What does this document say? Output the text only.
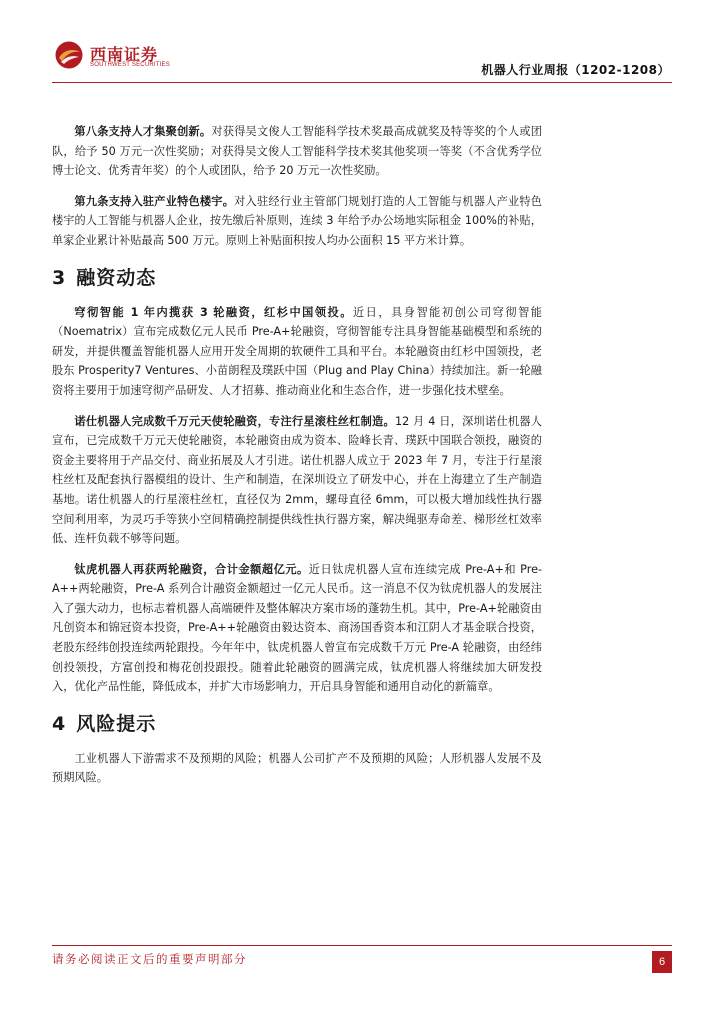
西南证券
SOUTHWEST SECURITIES	机器人行业周报（1202-1208）

第八条支持人才集聚创新。对获得吴文俊人工智能科学技术奖最高成就奖及特等奖的个人或团队，给予 50 万元一次性奖励；对获得吴文俊人工智能科学技术奖其他奖项一等奖（不含优秀学位博士论文、优秀青年奖）的个人或团队，给予 20 万元一次性奖励。

第九条支持入驻产业特色楼宇。对入驻经行业主管部门规划打造的人工智能与机器人产业特色楼宇的人工智能与机器人企业，按先缴后补原则，连续 3 年给予办公场地实际租金 100%的补贴，单家企业累计补贴最高 500 万元。原则上补贴面积按人均办公面积 15 平方米计算。

3 融资动态

穹彻智能 1 年内揽获 3 轮融资，红杉中国领投。近日，具身智能初创公司穹彻智能（Noematrix）宣布完成数亿元人民币 Pre-A+轮融资，穹彻智能专注具身智能基础模型和系统的研发，并提供覆盖智能机器人应用开发全周期的软硬件工具和平台。本轮融资由红杉中国领投，老股东 Prosperity7 Ventures、小苗朗程及璞跃中国（Plug and Play China）持续加注。新一轮融资将主要用于加速穹彻产品研发、人才招募、推动商业化和生态合作，进一步强化技术壁垒。

诺仕机器人完成数千万元天使轮融资，专注行星滚柱丝杠制造。12 月 4 日，深圳诺仕机器人宣布，已完成数千万元天使轮融资，本轮融资由成为资本、险峰长青、璞跃中国联合领投，融资的资金主要将用于产品交付、商业拓展及人才引进。诺仕机器人成立于 2023 年 7 月，专注于行星滚柱丝杠及配套执行器模组的设计、生产和制造，在深圳设立了研发中心，并在上海建立了生产制造基地。诺仕机器人的行星滚柱丝杠，直径仅为 2mm，螺母直径 6mm，可以极大增加线性执行器空间利用率，为灵巧手等狭小空间精确控制提供线性执行器方案，解决绳驱寿命差、梯形丝杠效率低、连杆负载不够等问题。

钛虎机器人再获两轮融资，合计金额超亿元。近日钛虎机器人宣布连续完成 Pre-A+和 Pre-A++两轮融资，Pre-A 系列合计融资金额超过一亿元人民币。这一消息不仅为钛虎机器人的发展注入了强大动力，也标志着机器人高端硬件及整体解决方案市场的蓬勃生机。其中，Pre-A+轮融资由凡创资本和锦冠资本投资，Pre-A++轮融资由毅达资本、商汤国香资本和江阴人才基金联合投资，老股东经纬创投连续两轮跟投。今年年中，钛虎机器人曾宣布完成数千万元 Pre-A 轮融资，由经纬创投领投，方富创投和梅花创投跟投。随着此轮融资的圆满完成，钛虎机器人将继续加大研发投入，优化产品性能，降低成本，并扩大市场影响力，开启具身智能和通用自动化的新篇章。

4 风险提示

工业机器人下游需求不及预期的风险；机器人公司扩产不及预期的风险；人形机器人发展不及预期风险。

请务必阅读正文后的重要声明部分	6
